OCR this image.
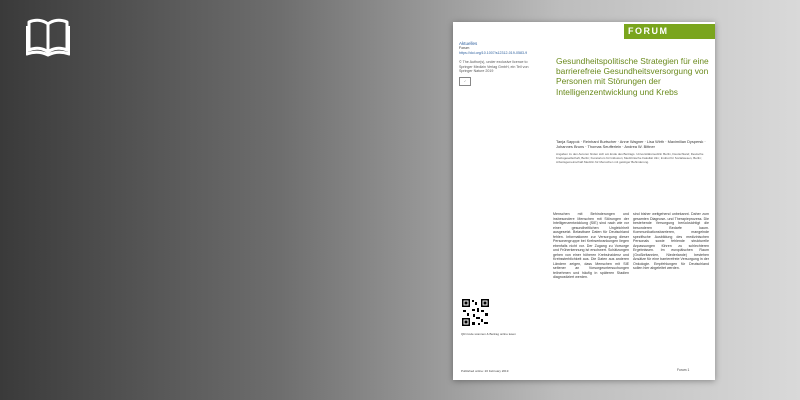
FORUM
Aktuelles
Forum
https://doi.org/10.1007/s12312-019-0583-9
© The Author(s), under exclusive licence to Springer Medizin Verlag GmbH, ein Teil von Springer Nature 2019
✓
Gesundheitspolitische Strategien für eine barrierefreie Gesundheitsversorgung von Personen mit Störungen der Intelligenzentwicklung und Krebs
Tanja Sappok · Reinhard Burtscher · Anne Wagner · Lisa Wirth · Maximilian Dyspersk · Johannes Bruns · Thomas Seufferlein · Andrea W. Bittner
Angaben zu den Autoren finden sich am Ende des Beitrags. Universitätsmedizin Berlin, Deutschland; Deutsche Krebsgesellschaft, Berlin; Kuratorium für Inklusion; Medizinische Fakultät Ulm; Institut für Sozialwesen, Berlin; Arbeitsgemeinschaft Medizin für Menschen mit geistiger Behinderung.
Menschen mit Behinderungen und insbesondere Menschen mit Störungen der Intelligenzentwicklung (SIE) sind nach wie vor einer gesundheitlichen Ungleichheit ausgesetzt. Belastbare Daten für Deutschland fehlen. Informationen zur Versorgung dieser Personengruppe bei Krebserkrankungen liegen ebenfalls nicht vor. Der Zugang zu Vorsorge und Früherkennung ist erschwert. Schätzungen gehen von einer höheren Krebsinzidenz und Krebssterblichkeit aus. Die Daten aus anderen Ländern zeigen, dass Menschen mit SIE seltener an Vorsorgeuntersuchungen teilnehmen und häufig in späteren Stadien diagnostiziert werden.
sind bisher weitgehend unbekannt. Daher zum gesamten Diagnose- und Therapieprozess. Die bestehende Versorgung berücksichtigt die besonderen Bedarfe kaum. Kommunikationsbarrieren, mangelnde spezifische Ausbildung des medizinischen Personals sowie fehlende strukturelle Anpassungen führen zu schlechteren Ergebnissen. Im europäischen Raum (Großbritannien, Niederlande) bestehen Ansätze für eine barrierefreie Versorgung in der Onkologie. Empfehlungen für Deutschland sollen hier abgeleitet werden.
QR-Code scannen & Beitrag online lesen
Published online: 20 February 2019	Forum 1
